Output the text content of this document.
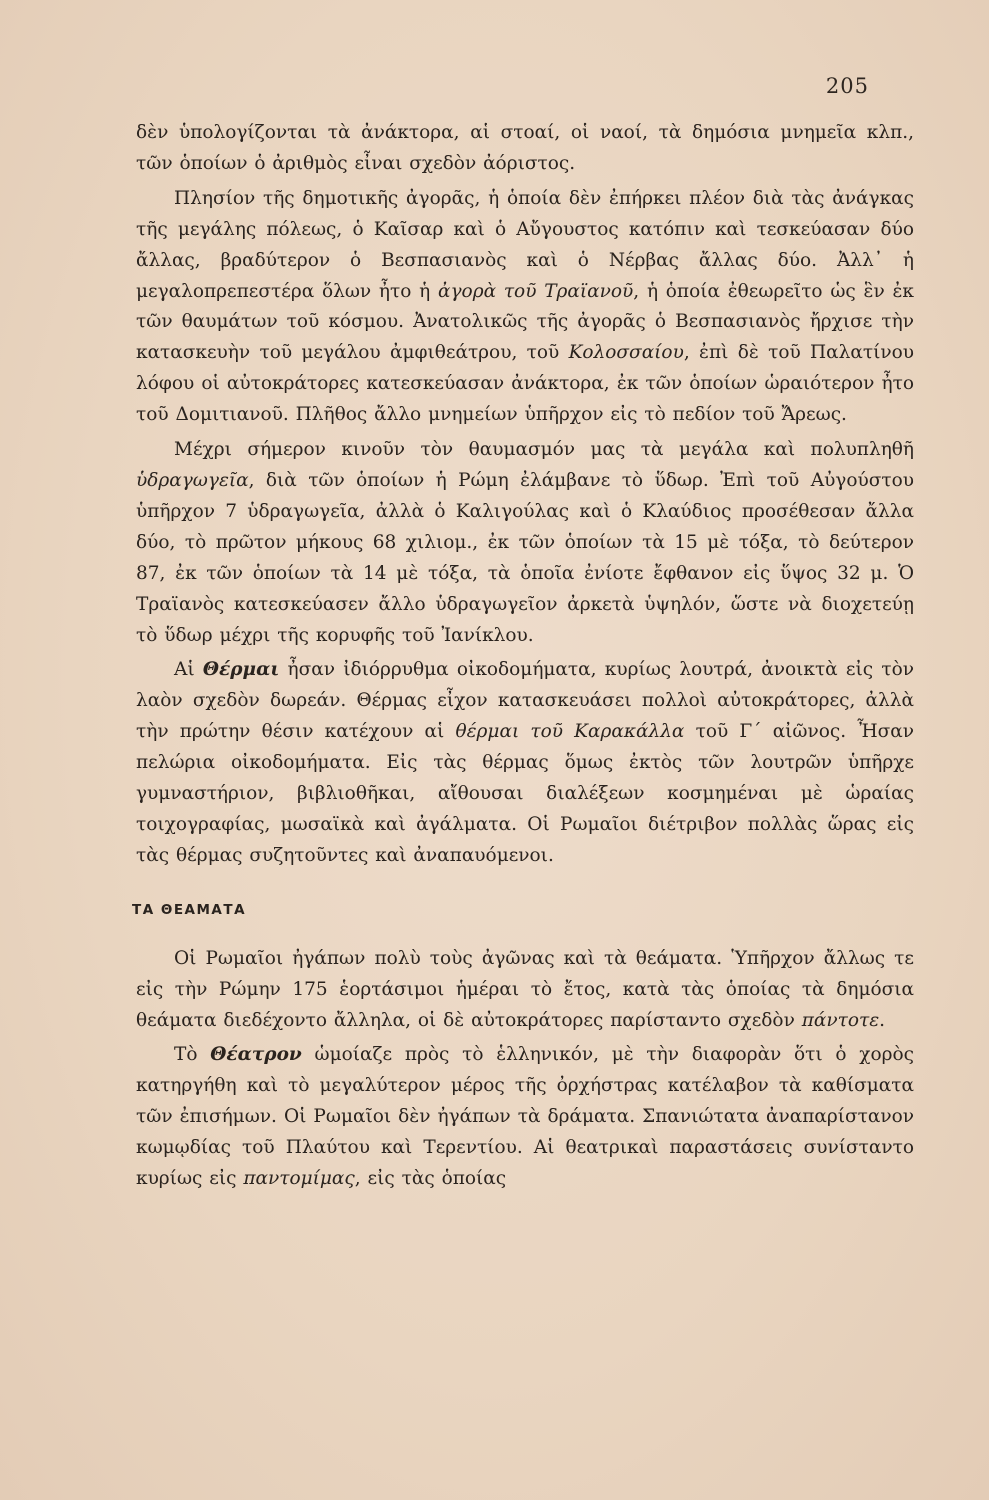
205

δὲν ὑπολογίζονται τὰ ἀνάκτορα, αἱ στοαί, οἱ ναοί, τὰ δημόσια μνημεῖα κλπ., τῶν ὁποίων ὁ ἀριθμὸς εἶναι σχεδὸν ἀόριστος.

Πλησίον τῆς δημοτικῆς ἀγορᾶς, ἡ ὁποία δὲν ἐπήρκει πλέον διὰ τὰς ἀνάγκας τῆς μεγάλης πόλεως, ὁ Καῖσαρ καὶ ὁ Αὔγουστος κατόπιν καὶ τεσκεύασαν δύο ἄλλας, βραδύτερον ὁ Βεσπασιανὸς καὶ ὁ Νέρβας ἄλλας δύο. Ἀλλ᾽ ἡ μεγαλοπρεπεστέρα ὅλων ἦτο ἡ ἀγορὰ τοῦ Τραϊανοῦ, ἡ ὁποία ἐθεωρεῖτο ὡς ἓν ἐκ τῶν θαυμάτων τοῦ κόσμου. Ἀνατολικῶς τῆς ἀγορᾶς ὁ Βεσπασιανὸς ἤρχισε τὴν κατασκευὴν τοῦ μεγάλου ἀμφιθεάτρου, τοῦ Κολοσσαίου, ἐπὶ δὲ τοῦ Παλατίνου λόφου οἱ αὐτοκράτορες κατεσκεύασαν ἀνάκτορα, ἐκ τῶν ὁποίων ὡραιότερον ἦτο τοῦ Δομιτιανοῦ. Πλῆθος ἄλλο μνημείων ὑπῆρχον εἰς τὸ πεδίον τοῦ Ἄρεως.

Μέχρι σήμερον κινοῦν τὸν θαυμασμόν μας τὰ μεγάλα καὶ πολυπληθῆ ὑδραγωγεῖα, διὰ τῶν ὁποίων ἡ Ρώμη ἐλάμβανε τὸ ὕδωρ. Ἐπὶ τοῦ Αὐγούστου ὑπῆρχον 7 ὑδραγωγεῖα, ἀλλὰ ὁ Καλιγούλας καὶ ὁ Κλαύδιος προσέθεσαν ἄλλα δύο, τὸ πρῶτον μήκους 68 χιλιομ., ἐκ τῶν ὁποίων τὰ 15 μὲ τόξα, τὸ δεύτερον 87, ἐκ τῶν ὁποίων τὰ 14 μὲ τόξα, τὰ ὁποῖα ἐνίοτε ἔφθανον εἰς ὕψος 32 μ. Ὁ Τραϊανὸς κατεσκεύασεν ἄλλο ὑδραγωγεῖον ἀρκετὰ ὑψηλόν, ὥστε νὰ διοχετεύῃ τὸ ὕδωρ μέχρι τῆς κορυφῆς τοῦ Ἰανίκλου.

Αἱ Θέρμαι ἦσαν ἰδιόρρυθμα οἰκοδομήματα, κυρίως λουτρά, ἀνοικτὰ εἰς τὸν λαὸν σχεδὸν δωρεάν. Θέρμας εἶχον κατασκευάσει πολλοὶ αὐτοκράτορες, ἀλλὰ τὴν πρώτην θέσιν κατέχουν αἱ θέρμαι τοῦ Καρακάλλα τοῦ Γ΄ αἰῶνος. Ἦσαν πελώρια οἰκοδομήματα. Εἰς τὰς θέρμας ὅμως ἐκτὸς τῶν λουτρῶν ὑπῆρχε γυμναστήριον, βιβλιοθῆκαι, αἴθουσαι διαλέξεων κοσμημέναι μὲ ὡραίας τοιχογραφίας, μωσαϊκὰ καὶ ἀγάλματα. Οἱ Ρωμαῖοι διέτριβον πολλὰς ὥρας εἰς τὰς θέρμας συζητοῦντες καὶ ἀναπαυόμενοι.

ΤΑ ΘΕΑΜΑΤΑ

Οἱ Ρωμαῖοι ἠγάπων πολὺ τοὺς ἀγῶνας καὶ τὰ θεάματα. Ὑπῆρχον ἄλλως τε εἰς τὴν Ρώμην 175 ἑορτάσιμοι ἡμέραι τὸ ἔτος, κατὰ τὰς ὁποίας τὰ δημόσια θεάματα διεδέχοντο ἄλληλα, οἱ δὲ αὐτοκράτορες παρίσταντο σχεδὸν πάντοτε.

Τὸ Θέατρον ὡμοίαζε πρὸς τὸ ἑλληνικόν, μὲ τὴν διαφορὰν ὅτι ὁ χορὸς κατηργήθη καὶ τὸ μεγαλύτερον μέρος τῆς ὀρχήστρας κατέλαβον τὰ καθίσματα τῶν ἐπισήμων. Οἱ Ρωμαῖοι δὲν ἠγάπων τὰ δράματα. Σπανιώτατα ἀναπαρίστανον κωμῳδίας τοῦ Πλαύτου καὶ Τερεντίου. Αἱ θεατρικαὶ παραστάσεις συνίσταντο κυρίως εἰς παντομίμας, εἰς τὰς ὁποίας
